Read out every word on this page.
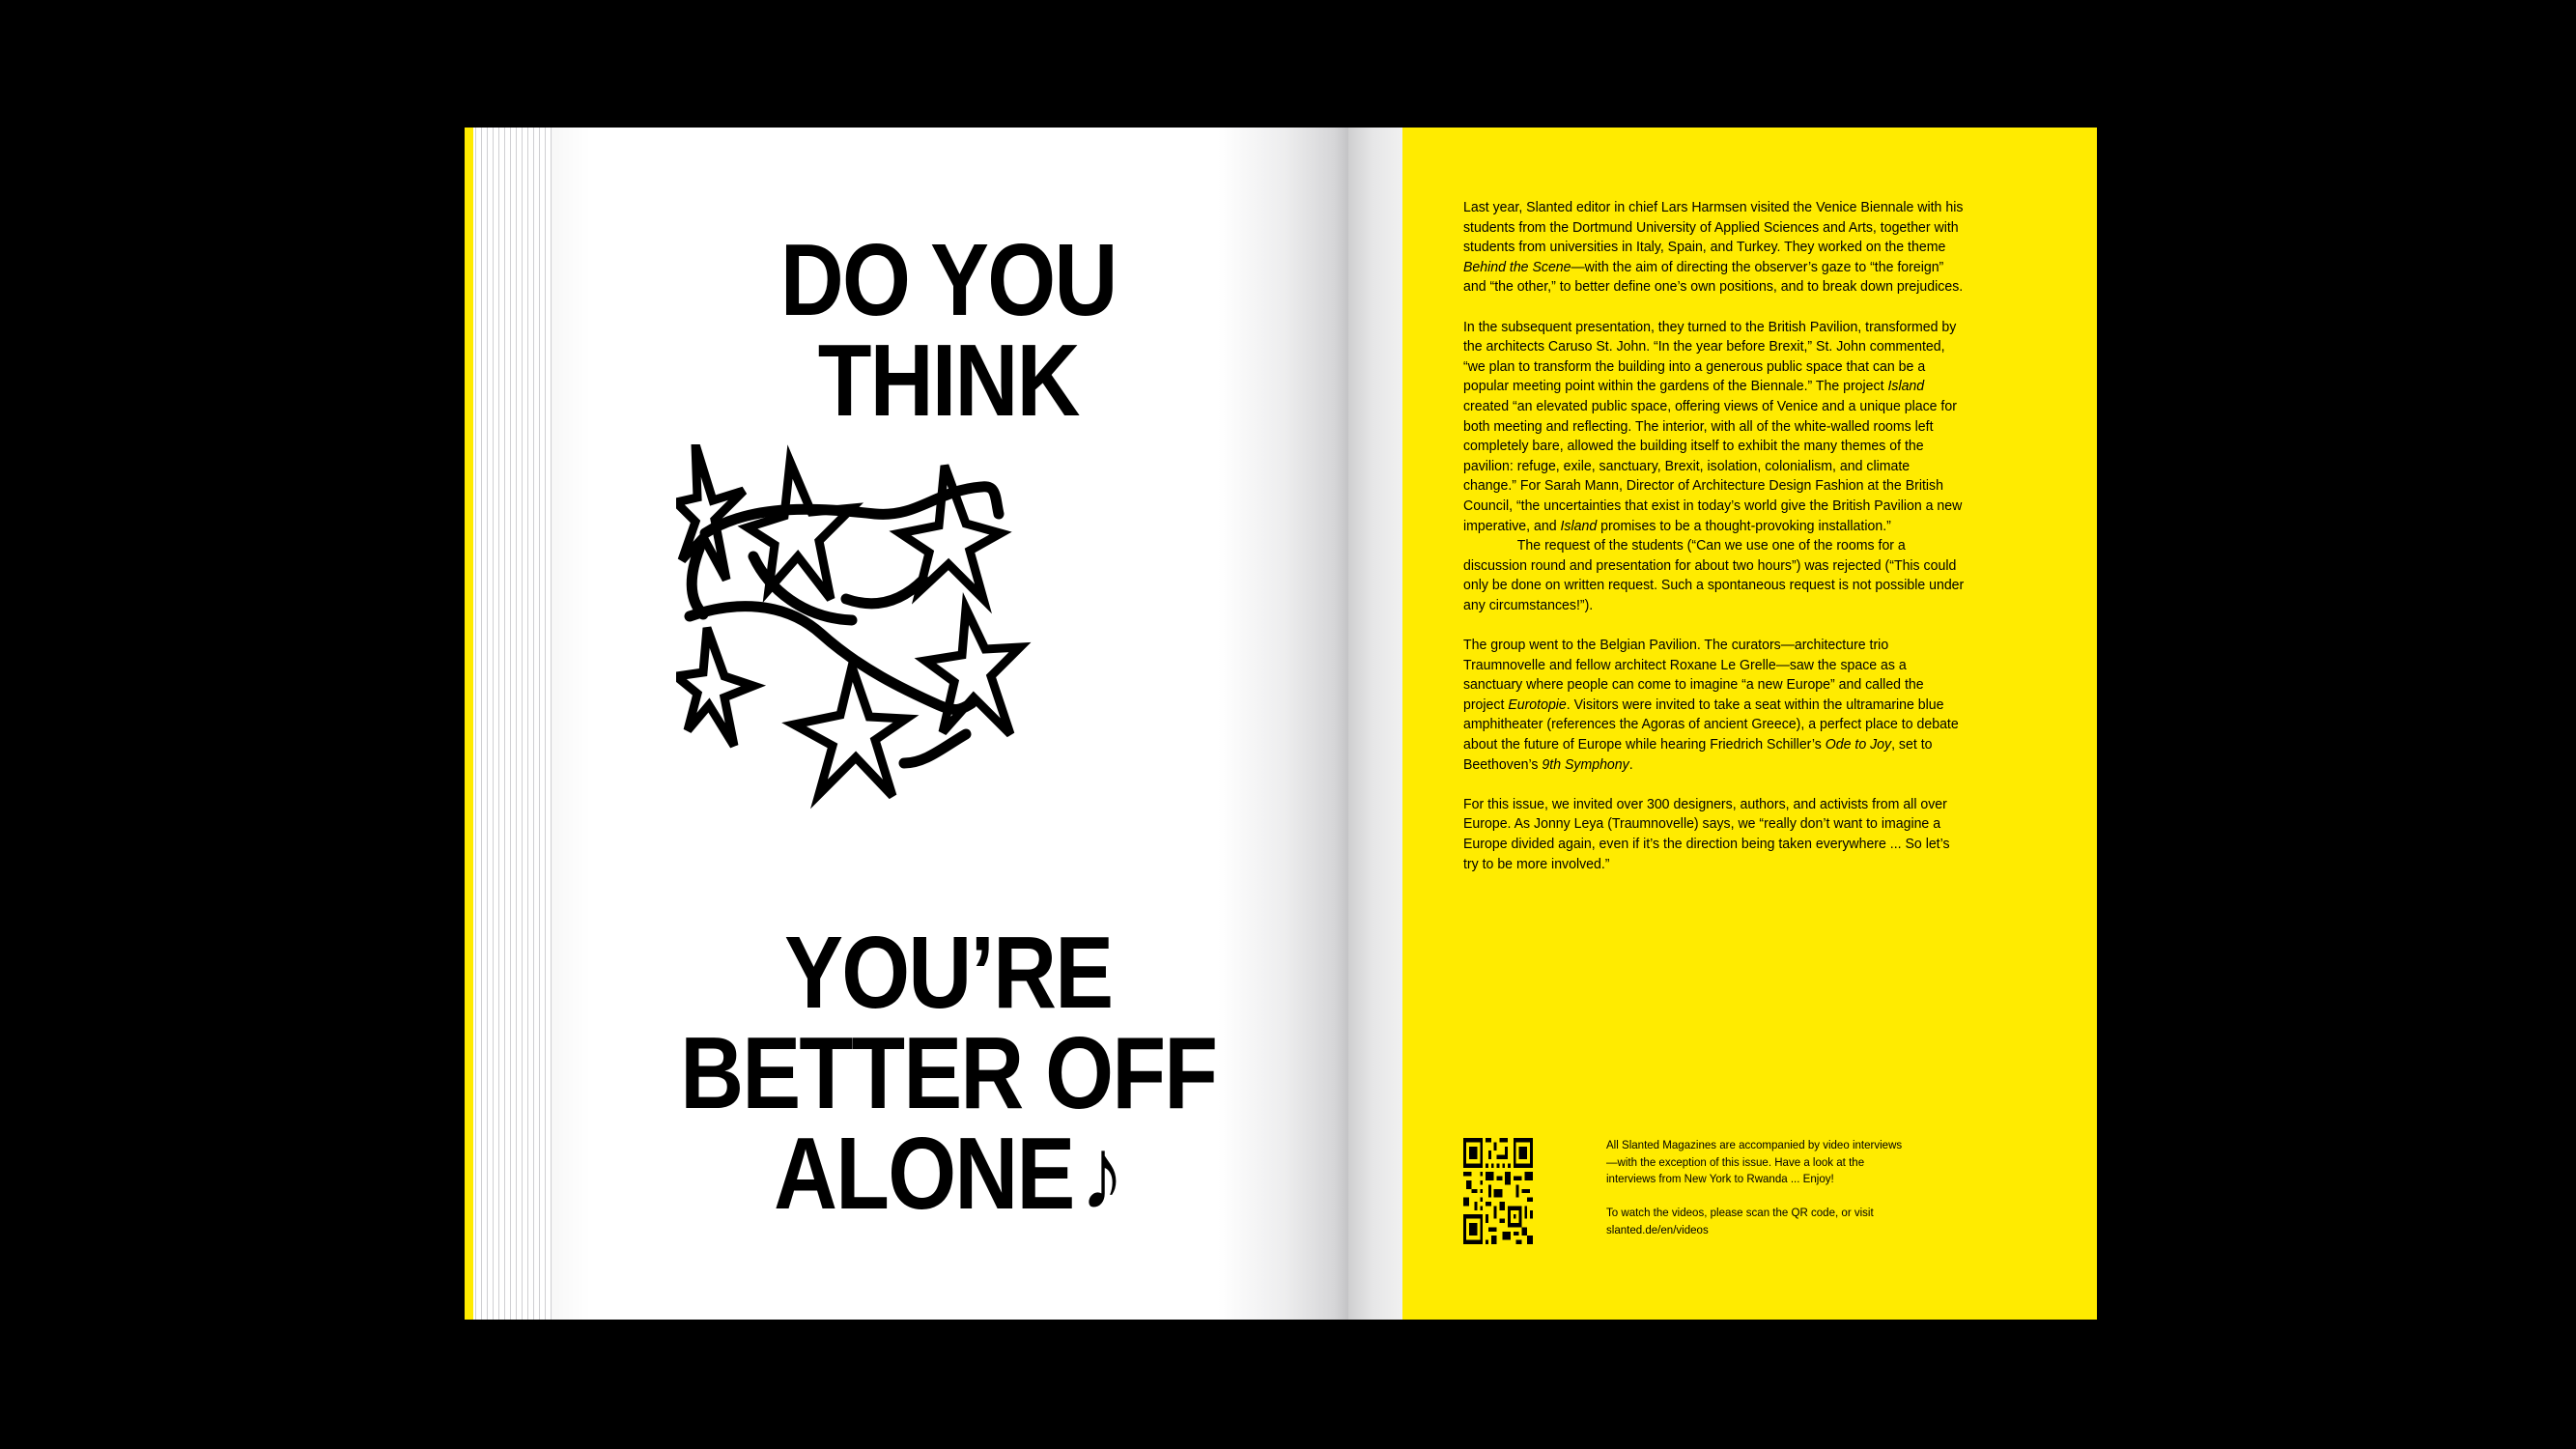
DO YOU
THINK
YOU’RE
BETTER OFF
ALONE♪

Last year, Slanted editor in chief Lars Harmsen visited the Venice Biennale with his students from the Dortmund University of Applied Sciences and Arts, together with students from universities in Italy, Spain, and Turkey. They worked on the theme Behind the Scene—with the aim of directing the observer’s gaze to “the foreign” and “the other,” to better define one’s own positions, and to break down prejudices.

In the subsequent presentation, they turned to the British Pavilion, transformed by the architects Caruso St. John. “In the year before Brexit,” St. John commented, “we plan to transform the building into a generous public space that can be a popular meeting point within the gardens of the Biennale.” The project Island created “an elevated public space, offering views of Venice and a unique place for both meeting and reflecting. The interior, with all of the white-walled rooms left completely bare, allowed the building itself to exhibit the many themes of the pavilion: refuge, exile, sanctuary, Brexit, isolation, colonialism, and climate change.” For Sarah Mann, Director of Architecture Design Fashion at the British Council, “the uncertainties that exist in today’s world give the British Pavilion a new imperative, and Island promises to be a thought-provoking installation.”
The request of the students (“Can we use one of the rooms for a discussion round and presentation for about two hours”) was rejected (“This could only be done on written request. Such a spontaneous request is not possible under any circumstances!”).

The group went to the Belgian Pavilion. The curators—architecture trio Traumnovelle and fellow architect Roxane Le Grelle—saw the space as a sanctuary where people can come to imagine “a new Europe” and called the project Eurotopie. Visitors were invited to take a seat within the ultramarine blue amphitheater (references the Agoras of ancient Greece), a perfect place to debate about the future of Europe while hearing Friedrich Schiller’s Ode to Joy, set to Beethoven’s 9th Symphony.

For this issue, we invited over 300 designers, authors, and activists from all over Europe. As Jonny Leya (Traumnovelle) says, we “really don’t want to imagine a Europe divided again, even if it’s the direction being taken everywhere ... So let’s try to be more involved.”

All Slanted Magazines are accompanied by video interviews—with the exception of this issue. Have a look at the interviews from New York to Rwanda ... Enjoy!

To watch the videos, please scan the QR code, or visit slanted.de/en/videos
